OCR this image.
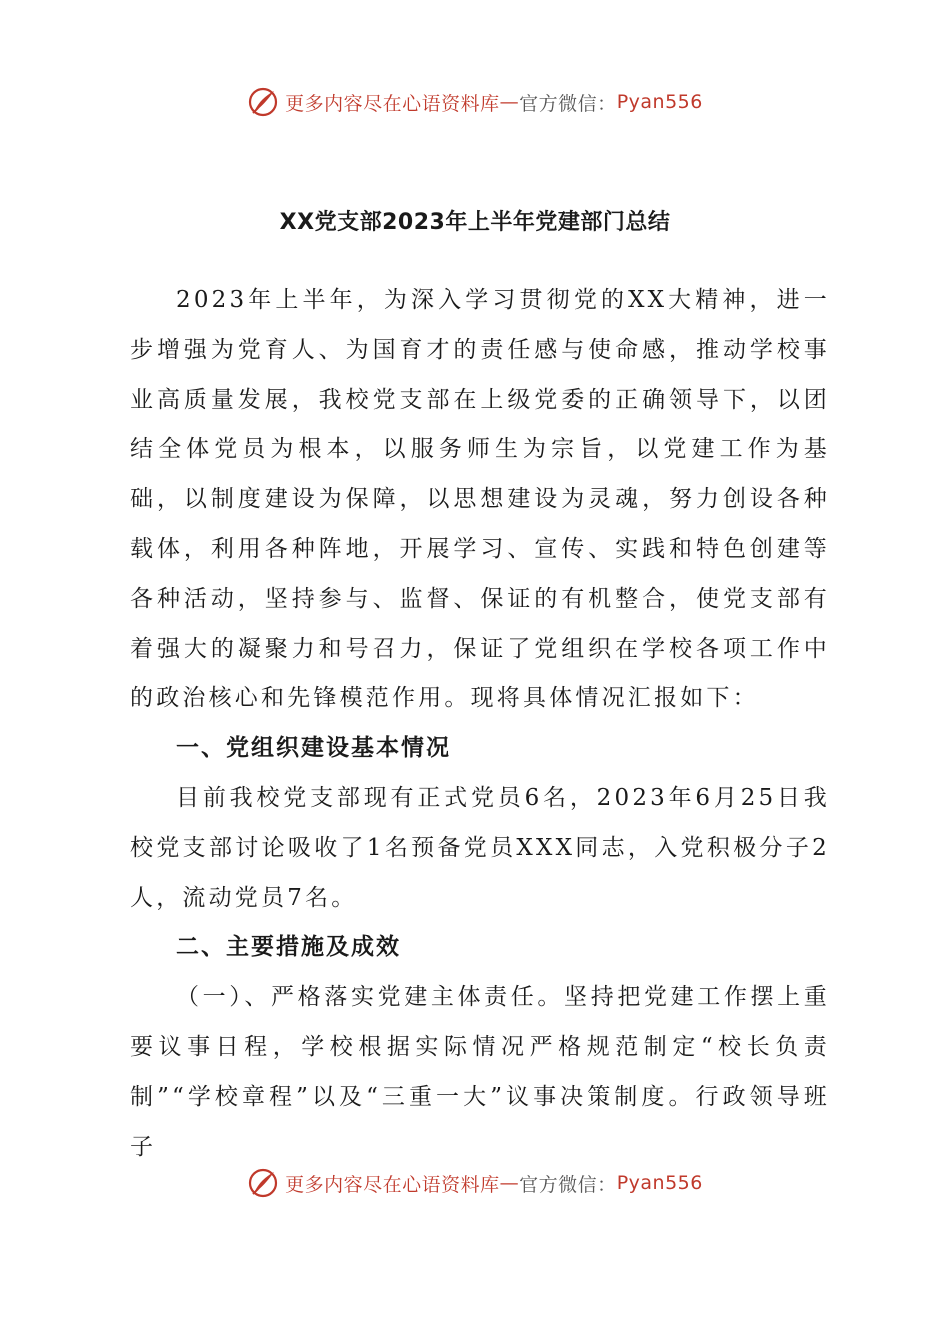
更多内容尽在心语资料库 — 官方微信： Pyan556
XX党支部2023年上半年党建部门总结

2023年上半年，为深入学习贯彻党的XX大精神，进一步增强为党育人、为国育才的责任感与使命感，推动学校事业高质量发展，我校党支部在上级党委的正确领导下，以团结全体党员为根本，以服务师生为宗旨，以党建工作为基础，以制度建设为保障，以思想建设为灵魂，努力创设各种载体，利用各种阵地，开展学习、宣传、实践和特色创建等各种活动，坚持参与、监督、保证的有机整合，使党支部有着强大的凝聚力和号召力，保证了党组织在学校各项工作中的政治核心和先锋模范作用。现将具体情况汇报如下：

一、党组织建设基本情况

目前我校党支部现有正式党员6名，2023年6月25日我校党支部讨论吸收了1名预备党员XXX同志，入党积极分子2人，流动党员7名。

二、主要措施及成效

（一）、严格落实党建主体责任。坚持把党建工作摆上重要议事日程，学校根据实际情况严格规范制定“校长负责制”“学校章程”以及“三重一大”议事决策制度。行政领导班子

更多内容尽在心语资料库 — 官方微信： Pyan556
